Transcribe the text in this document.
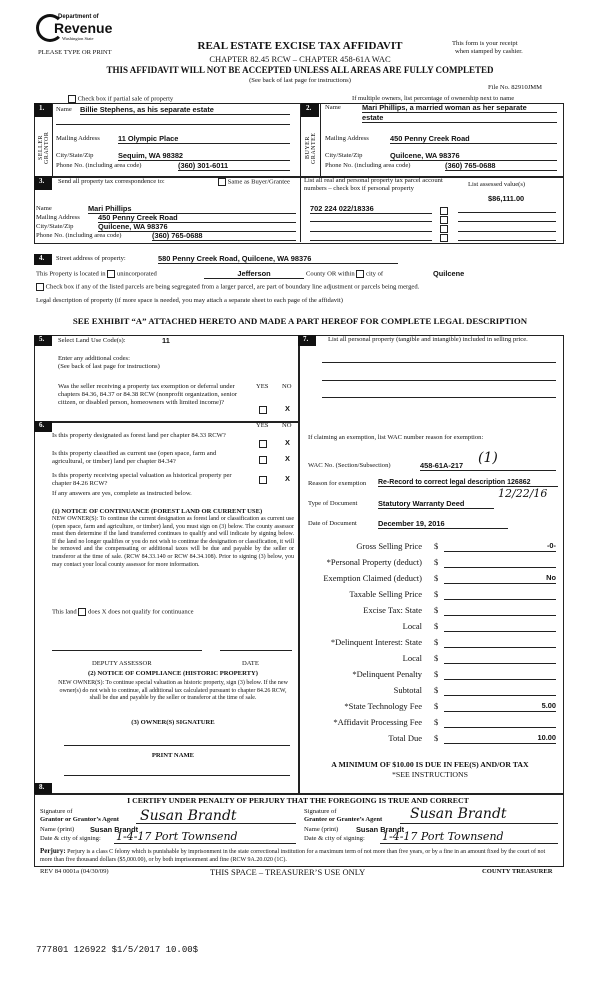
Department of
Revenue
Washington State
PLEASE TYPE OR PRINT
REAL ESTATE EXCISE TAX AFFIDAVIT
CHAPTER 82.45 RCW – CHAPTER 458-61A WAC
This form is your receipt
when stamped by cashier.
THIS AFFIDAVIT WILL NOT BE ACCEPTED UNLESS ALL AREAS ARE FULLY COMPLETED
(See back of last page for instructions)
File No. 82910JMM
Check box if partial sale of property	If multiple owners, list percentage of ownership next to name
1.
SELLER GRANTOR
Name Billie Stephens, as his separate estate
Mailing Address 11 Olympic Place
City/State/Zip	Sequim, WA 98382
Phone No. (including area code)	(360) 301-6011
2.
BUYER GRANTEE
Name	Mari Phillips, a married woman as her separate
estate
Mailing Address	450 Penny Creek Road
City/State/Zip	Quilcene, WA 98376
Phone No. (including area code)	(360) 765-0688
3.	Send all property tax correspondence to:	Same as Buyer/Grantee
Name	Mari Phillips
Mailing Address 450 Penny Creek Road
City/State/Zip	Quilcene, WA 98376
Phone No. (including area code)	(360) 765-0688
List all real and personal property tax parcel account
numbers – check box if personal property
List assessed value(s)
$86,111.00
702 224 022/18336
4.	Street address of property:	580 Penny Creek Road, Quilcene, WA 98376
This Property is located in unincorporated	Jefferson	County OR within city of	Quilcene
Check box if any of the listed parcels are being segregated from a larger parcel, are part of boundary line adjustment or parcels being merged.
Legal description of property (if more space is needed, you may attach a separate sheet to each page of the affidavit)
SEE EXHIBIT “A” ATTACHED HERETO AND MADE A PART HEREOF FOR COMPLETE LEGAL DESCRIPTION
5.	Select Land Use Code(s):	11
Enter any additional codes:
(See back of last page for instructions)
Was the seller receiving a property tax exemption or deferral under chapters 84.36, 84.37 or 84.38 RCW (nonprofit organization, senior citizen, or disabled person, homeowners with limited income)?
YES NO
X
6.	YES NO
Is this property designated as forest land per chapter 84.33 RCW?
X
Is this property classified as current use (open space, farm and agricultural, or timber) land per chapter 84.34?	X
Is this property receiving special valuation as historical property per chapter 84.26 RCW?
X
If any answers are yes, complete as instructed below.
(1) NOTICE OF CONTINUANCE (FOREST LAND OR CURRENT USE)
NEW OWNER(S): To continue the current designation as forest land or classification as current use (open space, farm and agriculture, or timber) land, you must sign on (3) below. The county assessor must then determine if the land transferred continues to qualify and will indicate by signing below. If the land no longer qualifies or you do not wish to continue the designation or classification, it will be removed and the compensating or additional taxes will be due and payable by the seller or transferor at the time of sale. (RCW 84.33.140 or RCW 84.34.108). Prior to signing (3) below, you may contact your local county assessor for more information.
This land does X does not qualify for continuance
DEPUTY ASSESSOR	DATE
(2) NOTICE OF COMPLIANCE (HISTORIC PROPERTY)
NEW OWNER(S): To continue special valuation as historic property, sign (3) below. If the new owner(s) do not wish to continue, all additional tax calculated pursuant to chapter 84.26 RCW, shall be due and payable by the seller or transferor at the time of sale.
(3) OWNER(S) SIGNATURE
PRINT NAME
7.	List all personal property (tangible and intangible) included in selling price.
If claiming an exemption, list WAC number reason for exemption:
WAC No. (Section/Subsection)	458-61A-217	(1)
Reason for exemption Re-Record to correct legal description 126862
12/22/16
Type of Document	Statutory Warranty Deed
Date of Document	December 19, 2016
Gross Selling Price $	-0-
*Personal Property (deduct) $
Exemption Claimed (deduct) $	No
Taxable Selling Price $
Excise Tax: State $
Local $
*Delinquent Interest: State $
Local $
*Delinquent Penalty $
Subtotal $
*State Technology Fee $	5.00
*Affidavit Processing Fee $
Total Due $	10.00
A MINIMUM OF $10.00 IS DUE IN FEE(S) AND/OR TAX
*SEE INSTRUCTIONS
8.
I CERTIFY UNDER PENALTY OF PERJURY THAT THE FOREGOING IS TRUE AND CORRECT
Signature of
Grantor or Grantor’s Agent Susan Brandt
Name (print) Susan Brandt
Date & city of signing: 1-4-17 Port Townsend
Signature of
Grantee or Grantee’s Agent Susan Brandt
Name (print) Susan Brandt
Date & city of signing: 1-4-17 Port Townsend
Perjury: Perjury is a class C felony which is punishable by imprisonment in the state correctional institution for a maximum term of not more than five years, or by a fine in an amount fixed by the court of not more than five thousand dollars ($5,000.00), or by both imprisonment and fine (RCW 9A.20.020 (1C).
REV 84 0001a (04/30/09)	THIS SPACE – TREASURER’S USE ONLY	COUNTY TREASURER
777801 126922 $1/5/2017 10.00$
